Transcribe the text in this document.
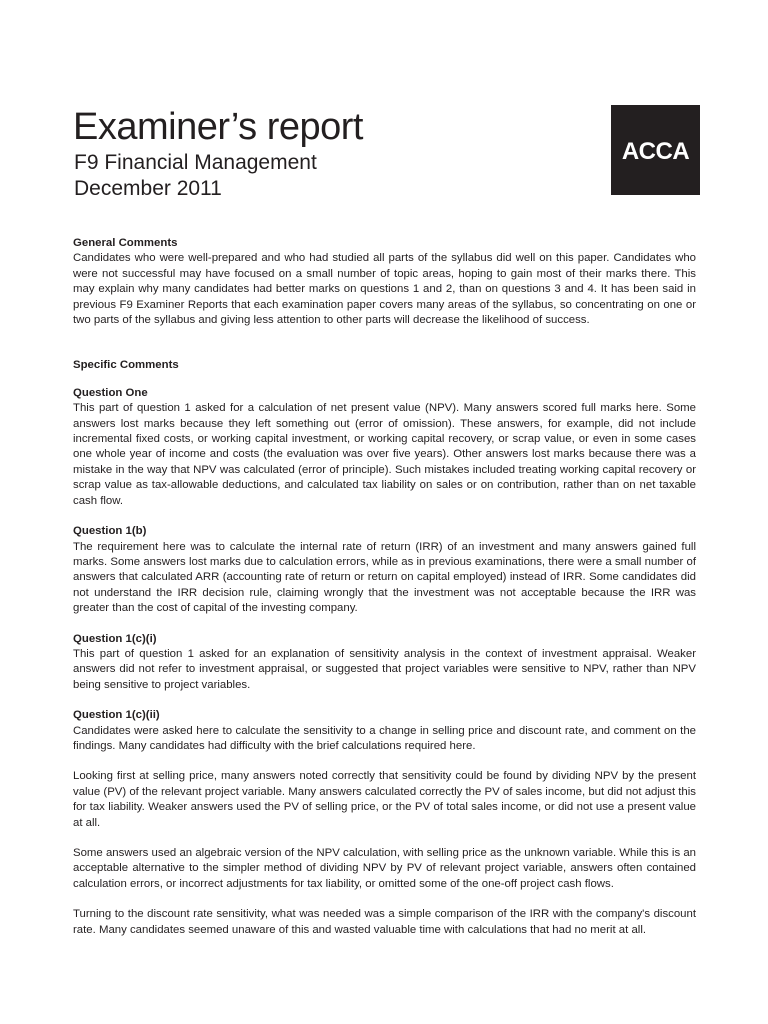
Examiner’s report
F9 Financial Management
December 2011
ACCA
General Comments

Candidates who were well-prepared and who had studied all parts of the syllabus did well on this paper. Candidates who were not successful may have focused on a small number of topic areas, hoping to gain most of their marks there. This may explain why many candidates had better marks on questions 1 and 2, than on questions 3 and 4. It has been said in previous F9 Examiner Reports that each examination paper covers many areas of the syllabus, so concentrating on one or two parts of the syllabus and giving less attention to other parts will decrease the likelihood of success.

Specific Comments
Question One

This part of question 1 asked for a calculation of net present value (NPV). Many answers scored full marks here. Some answers lost marks because they left something out (error of omission). These answers, for example, did not include incremental fixed costs, or working capital investment, or working capital recovery, or scrap value, or even in some cases one whole year of income and costs (the evaluation was over five years). Other answers lost marks because there was a mistake in the way that NPV was calculated (error of principle). Such mistakes included treating working capital recovery or scrap value as tax-allowable deductions, and calculated tax liability on sales or on contribution, rather than on net taxable cash flow.

Question 1(b)

The requirement here was to calculate the internal rate of return (IRR) of an investment and many answers gained full marks. Some answers lost marks due to calculation errors, while as in previous examinations, there were a small number of answers that calculated ARR (accounting rate of return or return on capital employed) instead of IRR. Some candidates did not understand the IRR decision rule, claiming wrongly that the investment was not acceptable because the IRR was greater than the cost of capital of the investing company.

Question 1(c)(i)

This part of question 1 asked for an explanation of sensitivity analysis in the context of investment appraisal. Weaker answers did not refer to investment appraisal, or suggested that project variables were sensitive to NPV, rather than NPV being sensitive to project variables.

Question 1(c)(ii)

Candidates were asked here to calculate the sensitivity to a change in selling price and discount rate, and comment on the findings. Many candidates had difficulty with the brief calculations required here.

Looking first at selling price, many answers noted correctly that sensitivity could be found by dividing NPV by the present value (PV) of the relevant project variable. Many answers calculated correctly the PV of sales income, but did not adjust this for tax liability. Weaker answers used the PV of selling price, or the PV of total sales income, or did not use a present value at all.

Some answers used an algebraic version of the NPV calculation, with selling price as the unknown variable. While this is an acceptable alternative to the simpler method of dividing NPV by PV of relevant project variable, answers often contained calculation errors, or incorrect adjustments for tax liability, or omitted some of the one-off project cash flows.

Turning to the discount rate sensitivity, what was needed was a simple comparison of the IRR with the company's discount rate. Many candidates seemed unaware of this and wasted valuable time with calculations that had no merit at all.
